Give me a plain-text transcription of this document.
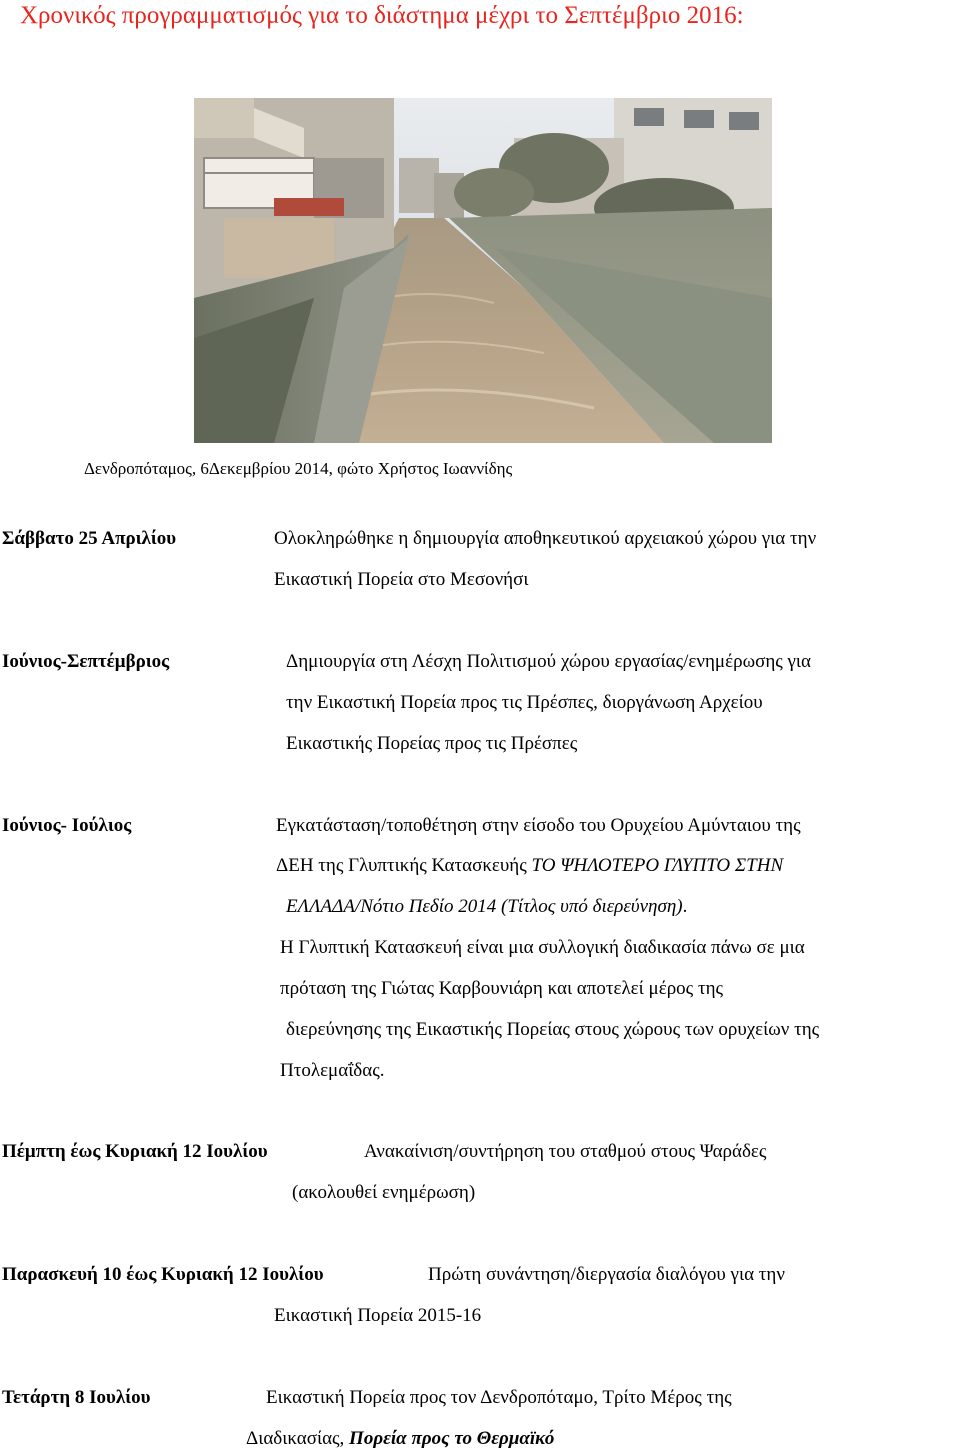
Χρονικός προγραμματισμός για το διάστημα μέχρι το Σεπτέμβριο 2016:
Δενδροπόταμος, 6Δεκεμβρίου 2014, φώτο Χρήστος Ιωαννίδης
Σάββατο 25 Απριλίου	Ολοκληρώθηκε η δημιουργία αποθηκευτικού αρχειακού χώρου για την
Εικαστική Πορεία στο Μεσονήσι
Ιούνιος-Σεπτέμβριος	Δημιουργία στη Λέσχη Πολιτισμού χώρου εργασίας/ενημέρωσης για
την Εικαστική Πορεία προς τις Πρέσπες, διοργάνωση Αρχείου
Εικαστικής Πορείας προς τις Πρέσπες
Ιούνιος- Ιούλιος	Εγκατάσταση/τοποθέτηση στην είσοδο του Ορυχείου Αμύνταιου της
ΔΕΗ της Γλυπτικής Κατασκευής ΤΟ ΨΗΛΟΤΕΡΟ ΓΛΥΠΤΟ ΣΤΗΝ
ΕΛΛΑΔΑ/Νότιο Πεδίο 2014 (Τίτλος υπό διερεύνηση).
Η Γλυπτική Κατασκευή είναι μια συλλογική διαδικασία πάνω σε μια
πρόταση της Γιώτας Καρβουνιάρη και αποτελεί μέρος της
διερεύνησης της Εικαστικής Πορείας στους χώρους των ορυχείων της
Πτολεμαΐδας.
Πέμπτη έως Κυριακή 12 Ιουλίου	Ανακαίνιση/συντήρηση του σταθμού στους Ψαράδες
(ακολουθεί ενημέρωση)
Παρασκευή 10 έως Κυριακή 12 Ιουλίου	Πρώτη συνάντηση/διεργασία διαλόγου για την
Εικαστική Πορεία 2015-16
Τετάρτη 8 Ιουλίου	Εικαστική Πορεία προς τον Δενδροπόταμο, Τρίτο Μέρος της
Διαδικασίας, Πορεία προς το Θερμαϊκό
